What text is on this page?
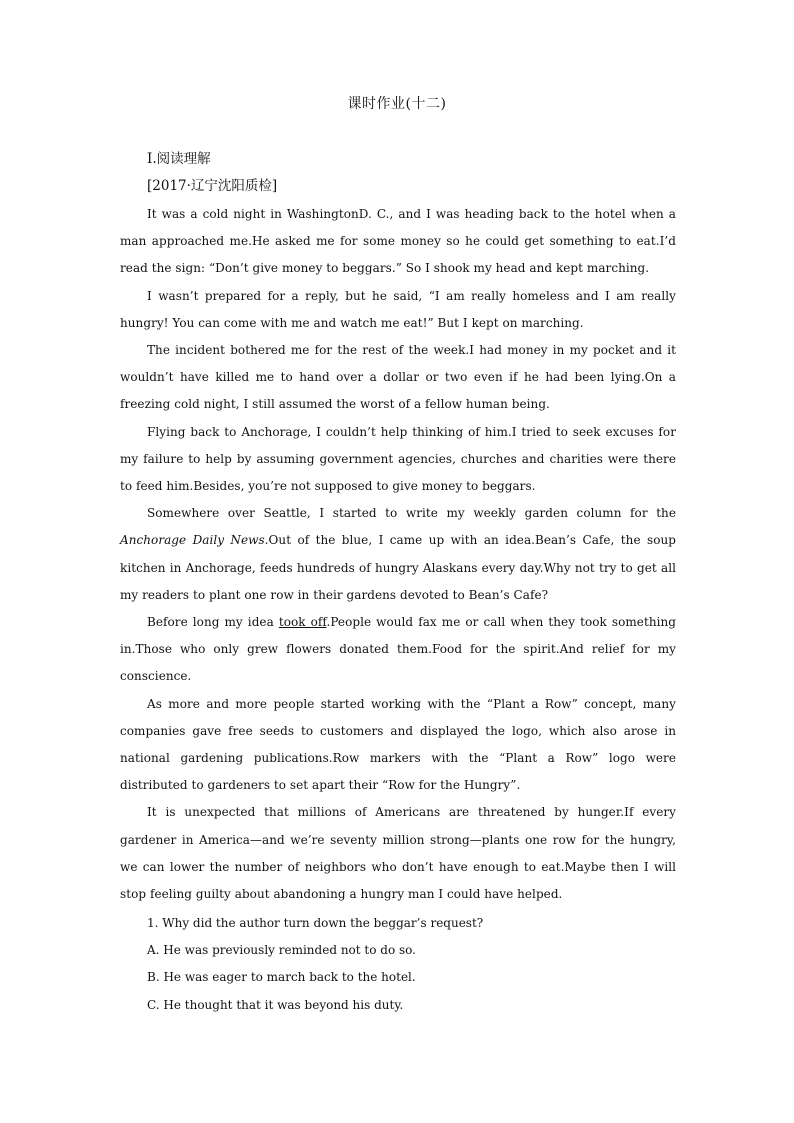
课时作业(十二)
Ⅰ.阅读理解
[2017·辽宁沈阳质检]

It was a cold night in WashingtonD. C., and I was heading back to the hotel when a man approached me.He asked me for some money so he could get something to eat.I’d read the sign: “Don’t give money to beggars.” So I shook my head and kept marching.

I wasn’t prepared for a reply, but he said, “I am really homeless and I am really hungry! You can come with me and watch me eat!” But I kept on marching.

The incident bothered me for the rest of the week.I had money in my pocket and it wouldn’t have killed me to hand over a dollar or two even if he had been lying.On a freezing cold night, I still assumed the worst of a fellow human being.

Flying back to Anchorage, I couldn’t help thinking of him.I tried to seek excuses for my failure to help by assuming government agencies, churches and charities were there to feed him.Besides, you’re not supposed to give money to beggars.

Somewhere over Seattle, I started to write my weekly garden column for the Anchorage Daily News.Out of the blue, I came up with an idea.Bean’s Cafe, the soup kitchen in Anchorage, feeds hundreds of hungry Alaskans every day.Why not try to get all my readers to plant one row in their gardens devoted to Bean’s Cafe?

Before long my idea took off.People would fax me or call when they took something in.Those who only grew flowers donated them.Food for the spirit.And relief for my conscience.

As more and more people started working with the “Plant a Row” concept, many companies gave free seeds to customers and displayed the logo, which also arose in national gardening publications.Row markers with the “Plant a Row” logo were distributed to gardeners to set apart their “Row for the Hungry”.

It is unexpected that millions of Americans are threatened by hunger.If every gardener in America—and we’re seventy million strong—plants one row for the hungry, we can lower the number of neighbors who don’t have enough to eat.Maybe then I will stop feeling guilty about abandoning a hungry man I could have helped.

1. Why did the author turn down the beggar’s request?
A. He was previously reminded not to do so.
B. He was eager to march back to the hotel.
C. He thought that it was beyond his duty.
